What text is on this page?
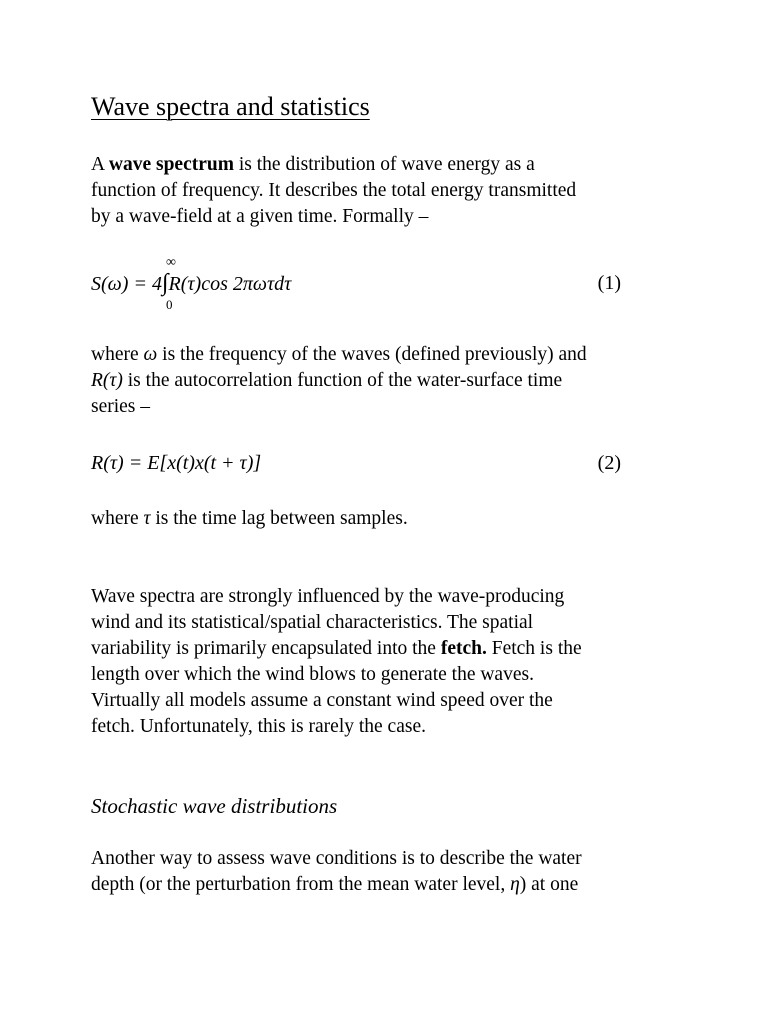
Wave spectra and statistics

A wave spectrum is the distribution of wave energy as a
function of frequency. It describes the total energy transmitted
by a wave-field at a given time. Formally –

S(ω) = 4
∞
∫
0
R(τ)cos 2πωτdτ	(1)

where ω is the frequency of the waves (defined previously) and
R(τ) is the autocorrelation function of the water-surface time
series –

R(τ) = E[x(t)x(t + τ)]	(2)

where τ is the time lag between samples.

Wave spectra are strongly influenced by the wave-producing
wind and its statistical/spatial characteristics. The spatial
variability is primarily encapsulated into the fetch. Fetch is the
length over which the wind blows to generate the waves.
Virtually all models assume a constant wind speed over the
fetch. Unfortunately, this is rarely the case.

Stochastic wave distributions

Another way to assess wave conditions is to describe the water
depth (or the perturbation from the mean water level, η) at one
